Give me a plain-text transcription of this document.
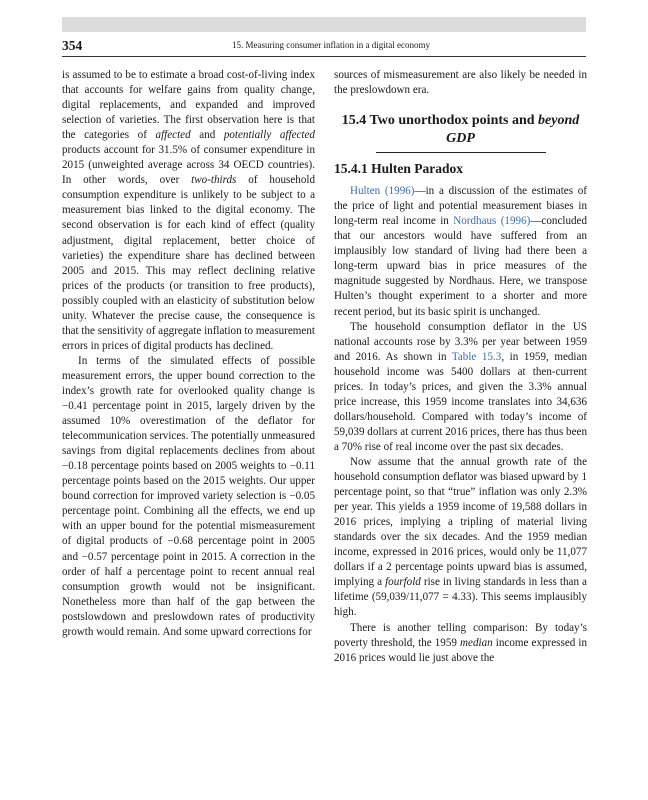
354	15. Measuring consumer inflation in a digital economy

is assumed to be to estimate a broad cost-of-living index that accounts for welfare gains from quality change, digital replacements, and expanded and improved selection of varieties. The first observation here is that the categories of affected and potentially affected products account for 31.5% of consumer expenditure in 2015 (unweighted average across 34 OECD countries). In other words, over two-thirds of household consumption expenditure is unlikely to be subject to a measurement bias linked to the digital economy. The second observation is for each kind of effect (quality adjustment, digital replacement, better choice of varieties) the expenditure share has declined between 2005 and 2015. This may reflect declining relative prices of the products (or transition to free products), possibly coupled with an elasticity of substitution below unity. Whatever the precise cause, the consequence is that the sensitivity of aggregate inflation to measurement errors in prices of digital products has declined.

In terms of the simulated effects of possible measurement errors, the upper bound correction to the index’s growth rate for overlooked quality change is −0.41 percentage point in 2015, largely driven by the assumed 10% overestimation of the deflator for telecommunication services. The potentially unmeasured savings from digital replacements declines from about −0.18 percentage points based on 2005 weights to −0.11 percentage points based on the 2015 weights. Our upper bound correction for improved variety selection is −0.05 percentage point. Combining all the effects, we end up with an upper bound for the potential mismeasurement of digital products of −0.68 percentage point in 2005 and −0.57 percentage point in 2015. A correction in the order of half a percentage point to recent annual real consumption growth would not be insignificant. Nonetheless more than half of the gap between the postslowdown and preslowdown rates of productivity growth would remain. And some upward corrections for

sources of mismeasurement are also likely be needed in the preslowdown era.

15.4 Two unorthodox points and beyond GDP
15.4.1 Hulten Paradox

Hulten (1996)—in a discussion of the estimates of the price of light and potential measurement biases in long-term real income in Nordhaus (1996)—concluded that our ancestors would have suffered from an implausibly low standard of living had there been a long-term upward bias in price measures of the magnitude suggested by Nordhaus. Here, we transpose Hulten’s thought experiment to a shorter and more recent period, but its basic spirit is unchanged.

The household consumption deflator in the US national accounts rose by 3.3% per year between 1959 and 2016. As shown in Table 15.3, in 1959, median household income was 5400 dollars at then-current prices. In today’s prices, and given the 3.3% annual price increase, this 1959 income translates into 34,636 dollars/household. Compared with today’s income of 59,039 dollars at current 2016 prices, there has thus been a 70% rise of real income over the past six decades.

Now assume that the annual growth rate of the household consumption deflator was biased upward by 1 percentage point, so that “true” inflation was only 2.3% per year. This yields a 1959 income of 19,588 dollars in 2016 prices, implying a tripling of material living standards over the six decades. And the 1959 median income, expressed in 2016 prices, would only be 11,077 dollars if a 2 percentage points upward bias is assumed, implying a fourfold rise in living standards in less than a lifetime (59,039/11,077 = 4.33). This seems implausibly high.

There is another telling comparison: By today’s poverty threshold, the 1959 median income expressed in 2016 prices would lie just above the
